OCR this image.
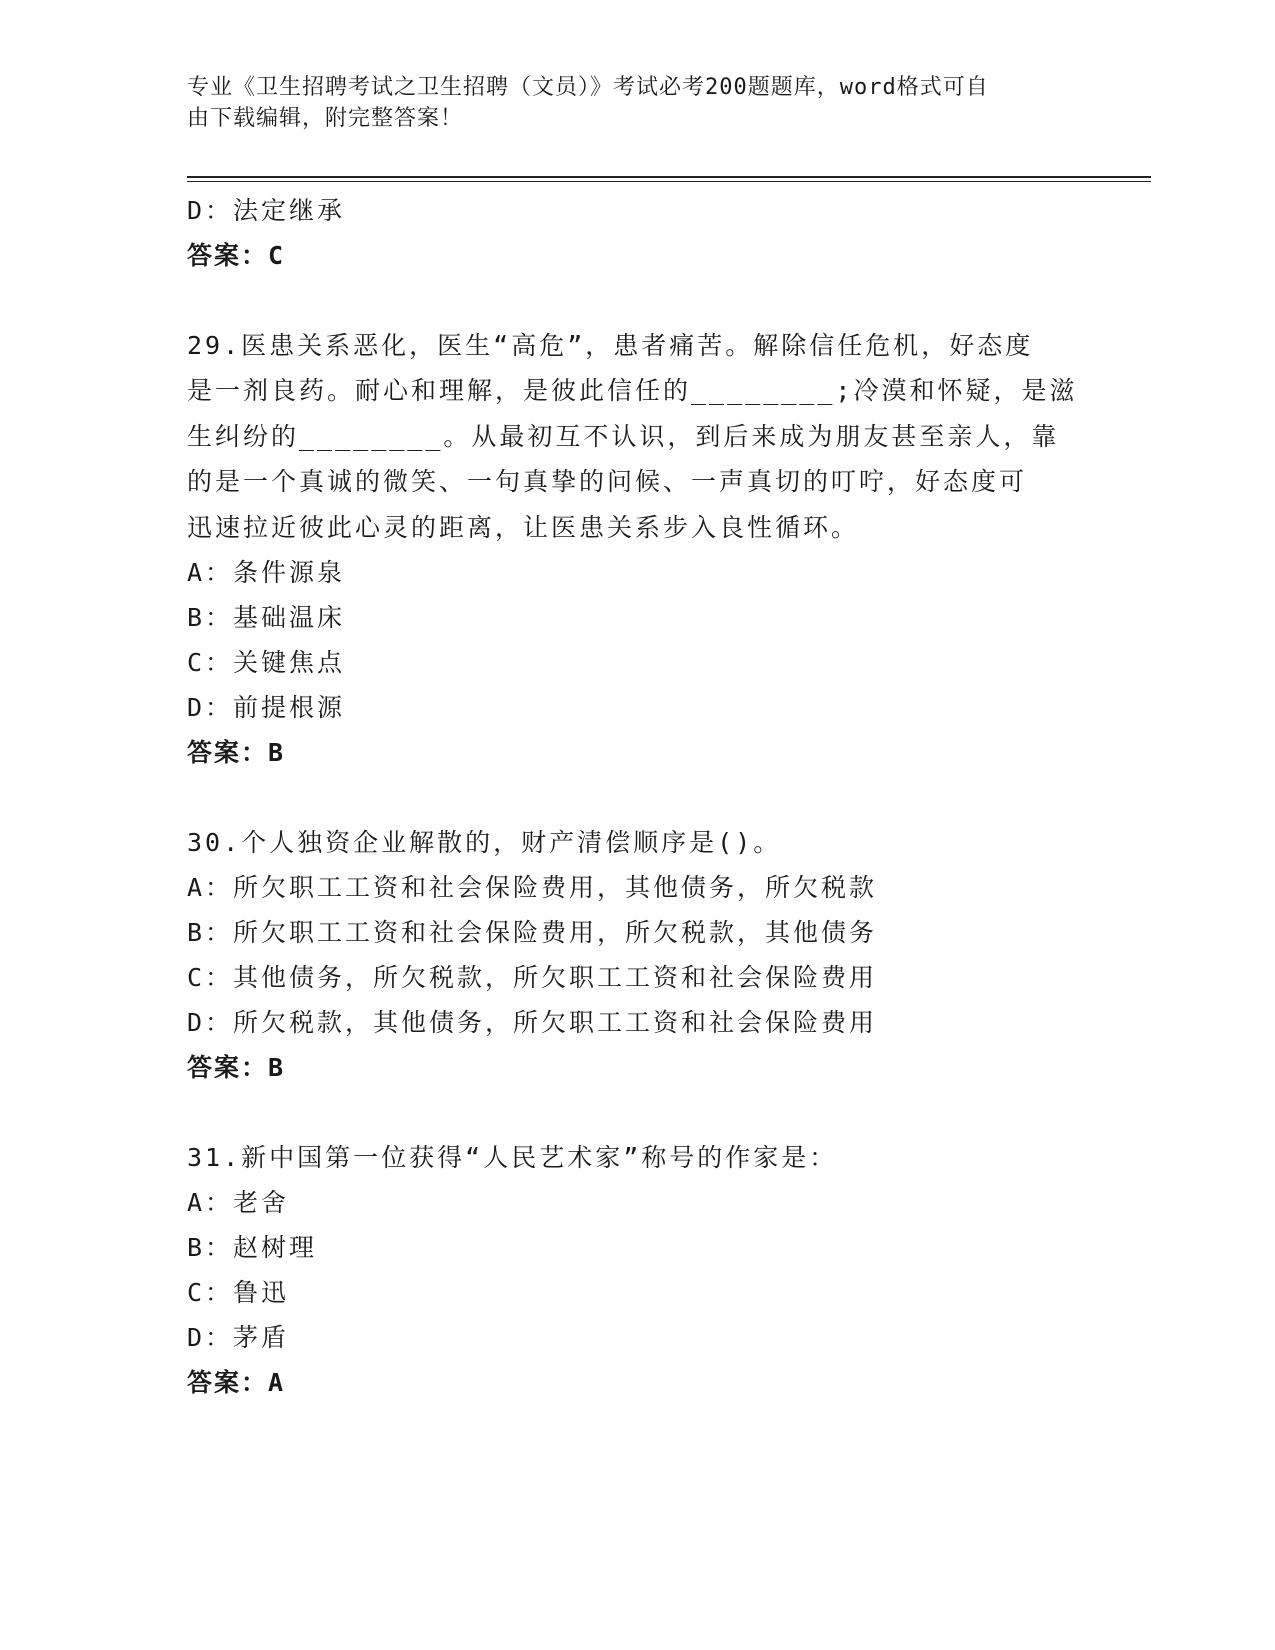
专业《卫生招聘考试之卫生招聘（文员）》考试必考200题题库，word格式可自
由下载编辑，附完整答案！
D：法定继承
答案：C
29.医患关系恶化，医生“高危”，患者痛苦。解除信任危机，好态度
是一剂良药。耐心和理解，是彼此信任的________;冷漠和怀疑，是滋
生纠纷的________。从最初互不认识，到后来成为朋友甚至亲人，靠
的是一个真诚的微笑、一句真挚的问候、一声真切的叮咛，好态度可
迅速拉近彼此心灵的距离，让医患关系步入良性循环。
A：条件源泉
B：基础温床
C：关键焦点
D：前提根源
答案：B
30.个人独资企业解散的，财产清偿顺序是()。
A：所欠职工工资和社会保险费用，其他债务，所欠税款
B：所欠职工工资和社会保险费用，所欠税款，其他债务
C：其他债务，所欠税款，所欠职工工资和社会保险费用
D：所欠税款，其他债务，所欠职工工资和社会保险费用
答案：B
31.新中国第一位获得“人民艺术家”称号的作家是：
A：老舍
B：赵树理
C：鲁迅
D：茅盾
答案：A
